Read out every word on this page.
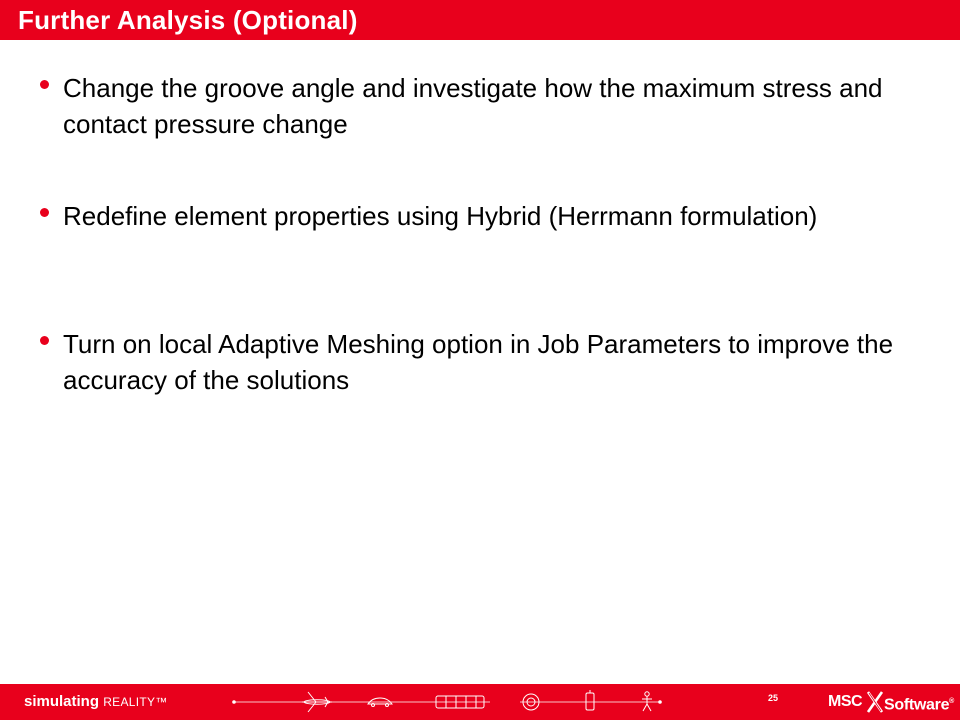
Further Analysis (Optional)
Change the groove angle and investigate how the maximum stress and contact pressure change
Redefine element properties using Hybrid (Herrmann formulation)
Turn on local Adaptive Meshing option in Job Parameters to improve the accuracy of the solutions
simulating REALITY™	25	MSC Software®
